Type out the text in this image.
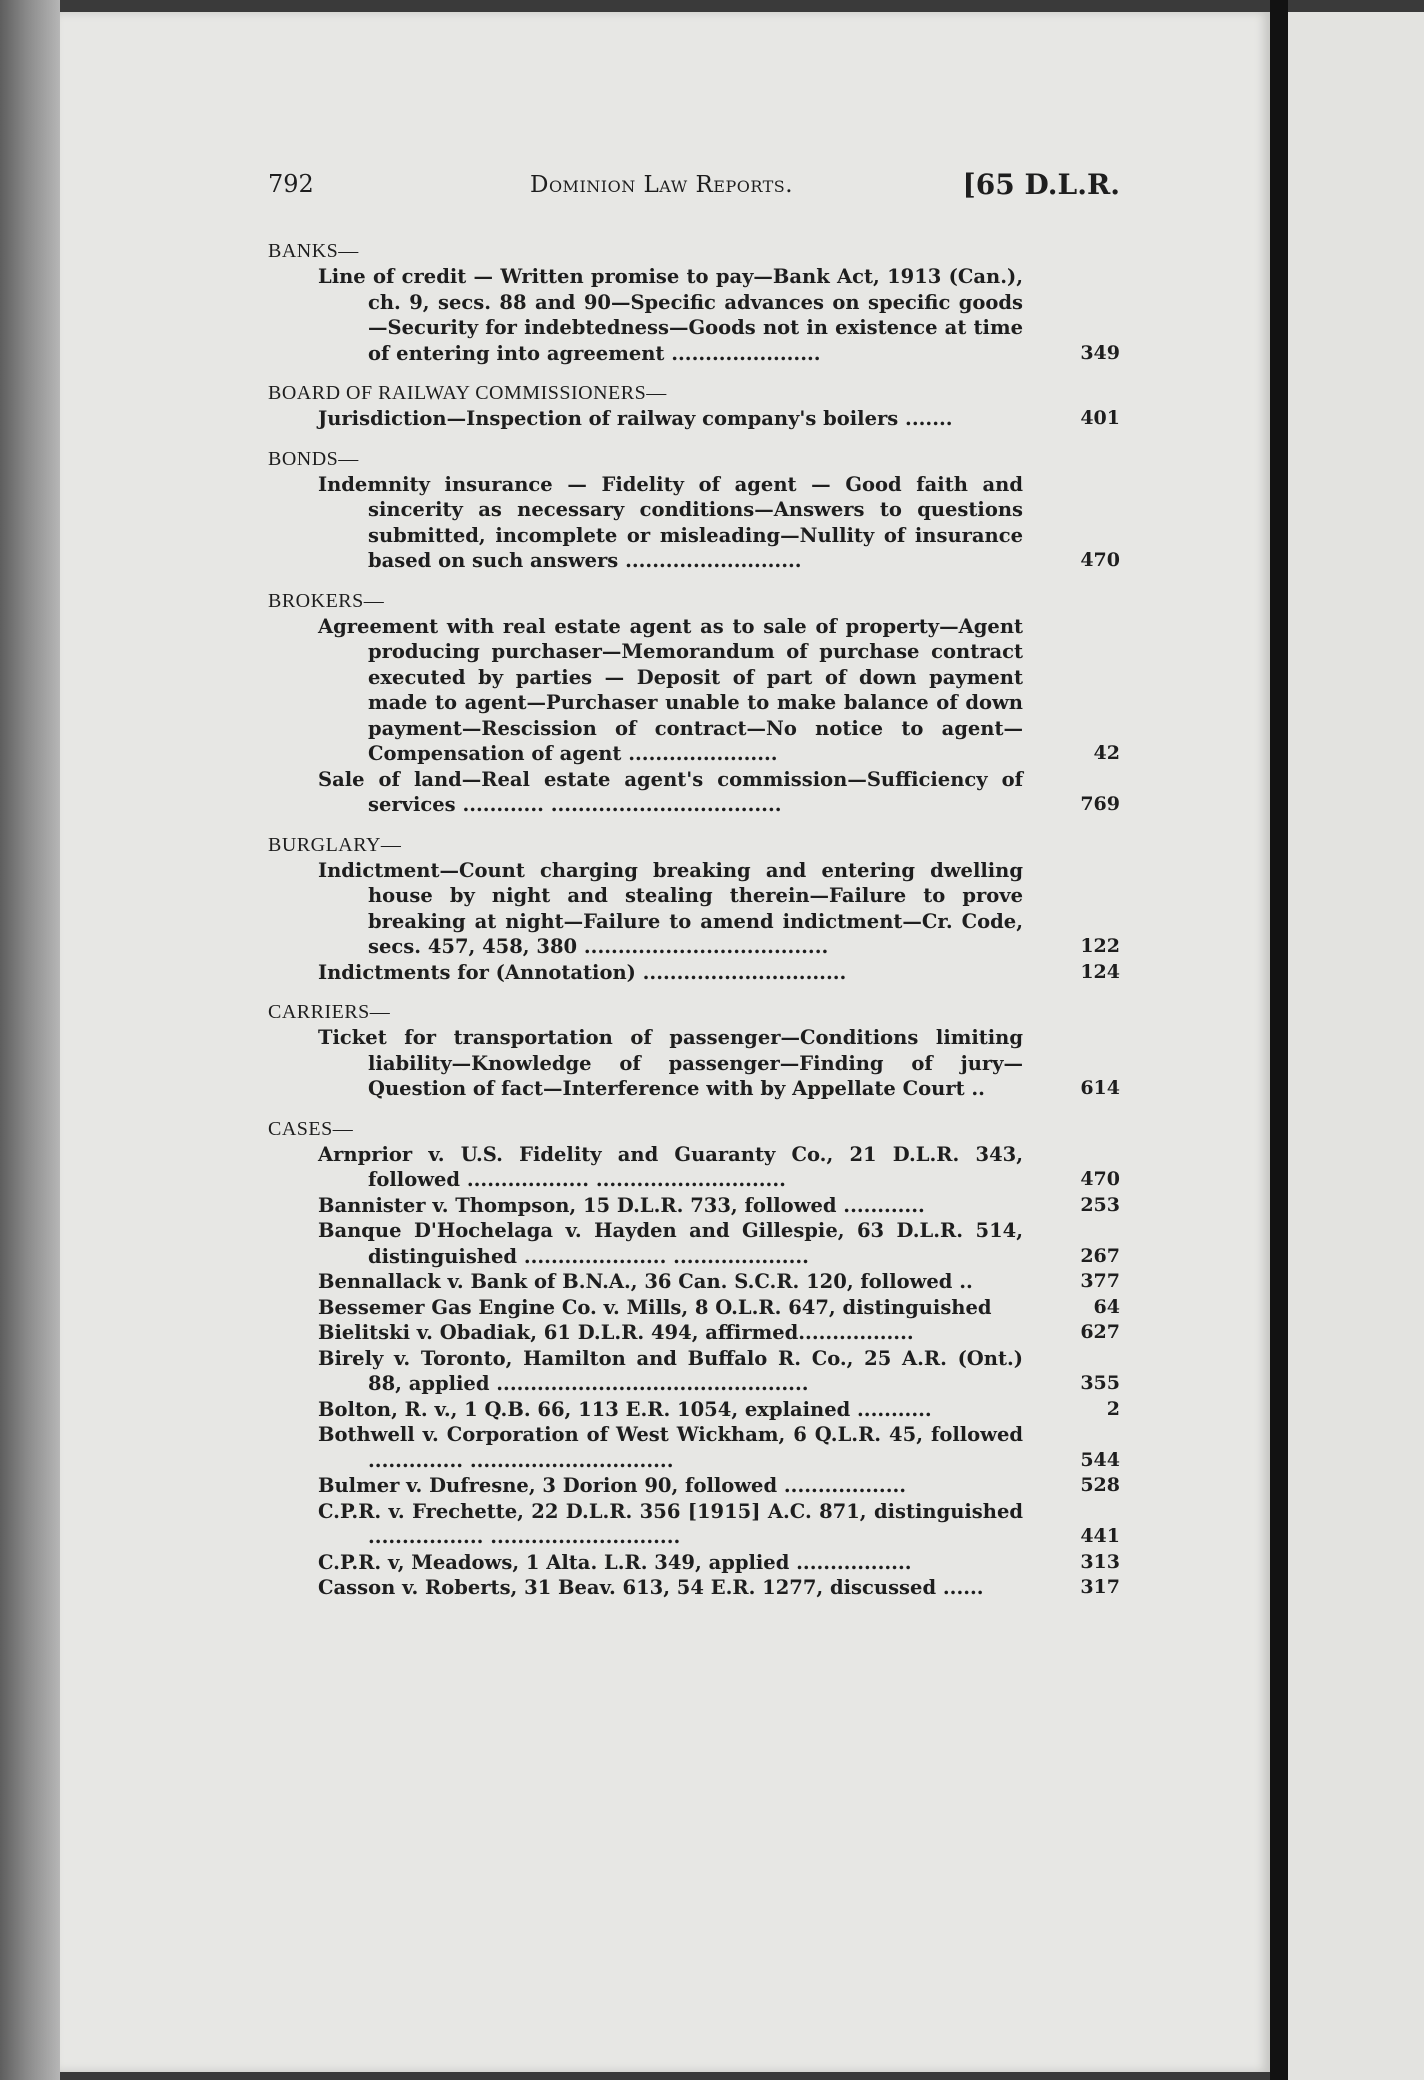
792	Dominion Law Reports.	[65 D.L.R.
BANKS—
Line of credit — Written promise to pay—Bank Act, 1913 (Can.), ch. 9, secs. 88 and 90—Specific advances on specific goods—Security for indebtedness—Goods not in existence at time of entering into agreement ......................	349
BOARD OF RAILWAY COMMISSIONERS—
Jurisdiction—Inspection of railway company's boilers .......	401
BONDS—
Indemnity insurance — Fidelity of agent — Good faith and sincerity as necessary conditions—Answers to questions submitted, incomplete or misleading—Nullity of insurance based on such answers ..........................	470
BROKERS—
Agreement with real estate agent as to sale of property—Agent producing purchaser—Memorandum of purchase contract executed by parties — Deposit of part of down payment made to agent—Purchaser unable to make balance of down payment—Rescission of contract—No notice to agent—Compensation of agent ......................	42
Sale of land—Real estate agent's commission—Sufficiency of services ............ ..................................	769
BURGLARY—
Indictment—Count charging breaking and entering dwelling house by night and stealing therein—Failure to prove breaking at night—Failure to amend indictment—Cr. Code, secs. 457, 458, 380 ....................................	122
Indictments for (Annotation) ..............................	124
CARRIERS—
Ticket for transportation of passenger—Conditions limiting liability—Knowledge of passenger—Finding of jury—Question of fact—Interference with by Appellate Court ..	614
CASES—
Arnprior v. U.S. Fidelity and Guaranty Co., 21 D.L.R. 343, followed .................. ............................	470
Bannister v. Thompson, 15 D.L.R. 733, followed ............	253
Banque D'Hochelaga v. Hayden and Gillespie, 63 D.L.R. 514, distinguished ..................... ....................	267
Bennallack v. Bank of B.N.A., 36 Can. S.C.R. 120, followed ..	377
Bessemer Gas Engine Co. v. Mills, 8 O.L.R. 647, distinguished	64
Bielitski v. Obadiak, 61 D.L.R. 494, affirmed.................	627
Birely v. Toronto, Hamilton and Buffalo R. Co., 25 A.R. (Ont.) 88, applied ..............................................	355
Bolton, R. v., 1 Q.B. 66, 113 E.R. 1054, explained ...........	2
Bothwell v. Corporation of West Wickham, 6 Q.L.R. 45, followed .............. ..............................	544
Bulmer v. Dufresne, 3 Dorion 90, followed ..................	528
C.P.R. v. Frechette, 22 D.L.R. 356 [1915] A.C. 871, distinguished ................. ............................	441
C.P.R. v, Meadows, 1 Alta. L.R. 349, applied .................	313
Casson v. Roberts, 31 Beav. 613, 54 E.R. 1277, discussed ......	317
